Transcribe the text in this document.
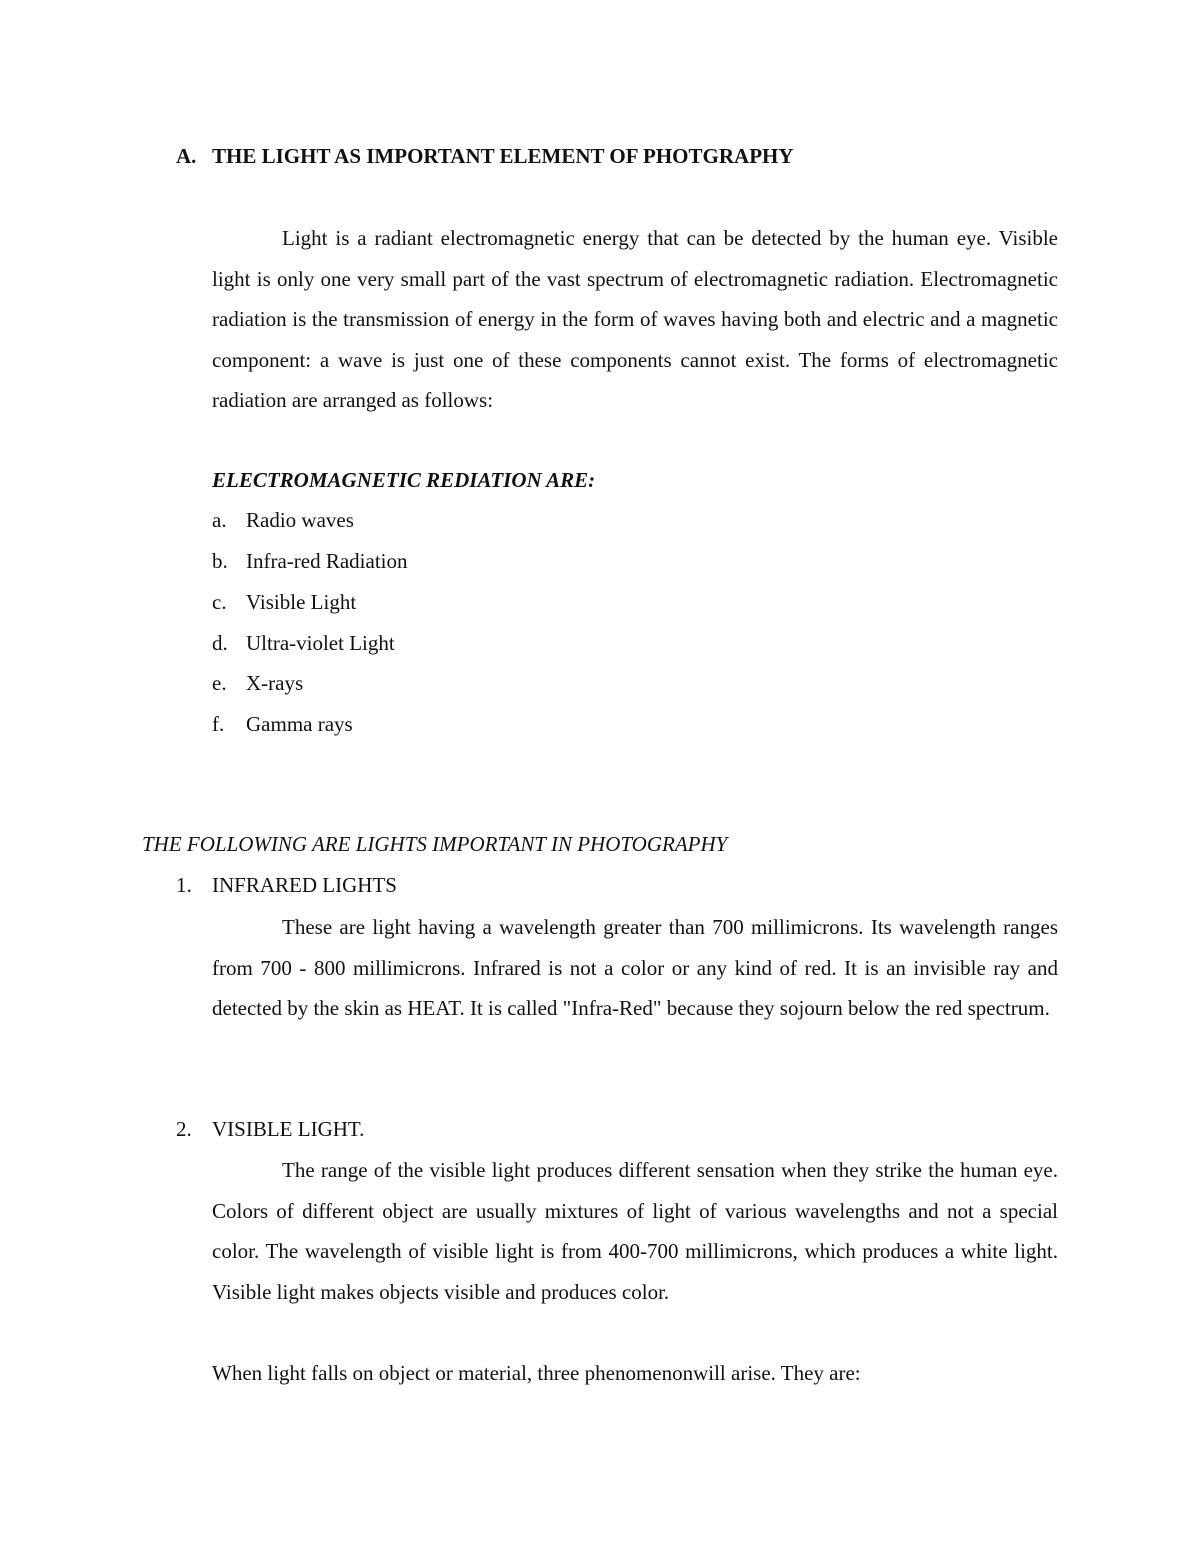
A. THE LIGHT AS IMPORTANT ELEMENT OF PHOTGRAPHY
Light is a radiant electromagnetic energy that can be detected by the human eye. Visible light is only one very small part of the vast spectrum of electromagnetic radiation. Electromagnetic radiation is the transmission of energy in the form of waves having both and electric and a magnetic component: a wave is just one of these components cannot exist. The forms of electromagnetic radiation are arranged as follows:
ELECTROMAGNETIC REDIATION ARE:
a. Radio waves
b. Infra-red Radiation
c. Visible Light
d. Ultra-violet Light
e. X-rays
f. Gamma rays
THE FOLLOWING ARE LIGHTS IMPORTANT IN PHOTOGRAPHY
1. INFRARED LIGHTS
These are light having a wavelength greater than 700 millimicrons. Its wavelength ranges from 700 - 800 millimicrons. Infrared is not a color or any kind of red. It is an invisible ray and detected by the skin as HEAT. It is called "Infra-Red" because they sojourn below the red spectrum.
2. VISIBLE LIGHT.
The range of the visible light produces different sensation when they strike the human eye. Colors of different object are usually mixtures of light of various wavelengths and not a special color. The wavelength of visible light is from 400-700 millimicrons, which produces a white light. Visible light makes objects visible and produces color.
When light falls on object or material, three phenomenonwill arise. They are:
